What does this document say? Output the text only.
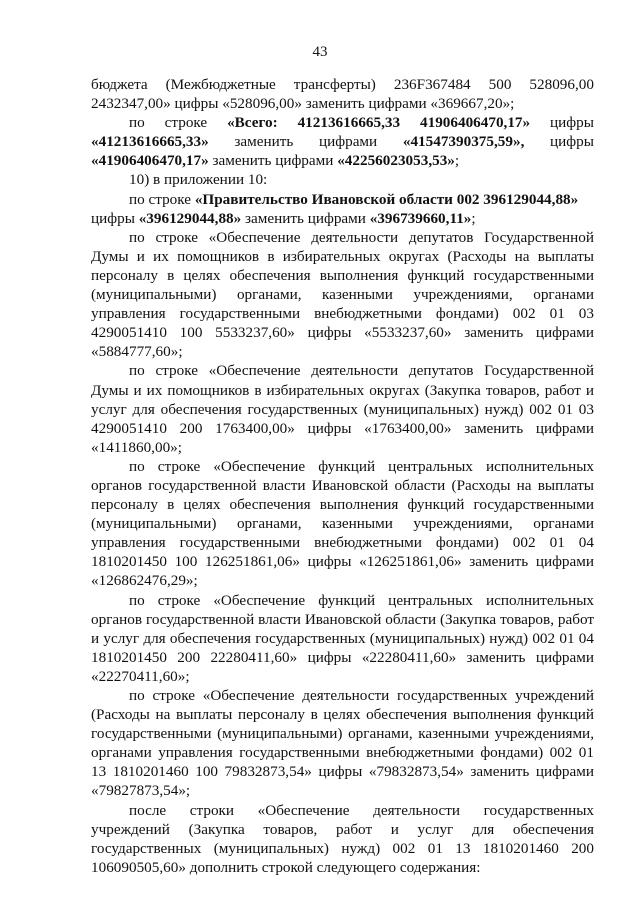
43
бюджета (Межбюджетные трансферты) 236F367484 500 528096,00
2432347,00» цифры «528096,00» заменить цифрами «369667,20»;
по строке «Всего: 41213616665,33 41906406470,17» цифры
«41213616665,33» заменить цифрами «41547390375,59», цифры
«41906406470,17» заменить цифрами «42256023053,53»;
10) в приложении 10:
по строке «Правительство Ивановской области 002 396129044,88»
цифры «396129044,88» заменить цифрами «396739660,11»;

по строке «Обеспечение деятельности депутатов Государственной Думы и их помощников в избирательных округах (Расходы на выплаты персоналу в целях обеспечения выполнения функций государственными (муниципальными) органами, казенными учреждениями, органами управления государственными внебюджетными фондами) 002 01 03 4290051410 100 5533237,60» цифры «5533237,60» заменить цифрами «5884777,60»;

по строке «Обеспечение деятельности депутатов Государственной Думы и их помощников в избирательных округах (Закупка товаров, работ и услуг для обеспечения государственных (муниципальных) нужд) 002 01 03 4290051410 200 1763400,00» цифры «1763400,00» заменить цифрами «1411860,00»;

по строке «Обеспечение функций центральных исполнительных органов государственной власти Ивановской области (Расходы на выплаты персоналу в целях обеспечения выполнения функций государственными (муниципальными) органами, казенными учреждениями, органами управления государственными внебюджетными фондами) 002 01 04 1810201450 100 126251861,06» цифры «126251861,06» заменить цифрами «126862476,29»;

по строке «Обеспечение функций центральных исполнительных органов государственной власти Ивановской области (Закупка товаров, работ и услуг для обеспечения государственных (муниципальных) нужд) 002 01 04 1810201450 200 22280411,60» цифры «22280411,60» заменить цифрами «22270411,60»;

по строке «Обеспечение деятельности государственных учреждений (Расходы на выплаты персоналу в целях обеспечения выполнения функций государственными (муниципальными) органами, казенными учреждениями, органами управления государственными внебюджетными фондами) 002 01 13 1810201460 100 79832873,54» цифры «79832873,54» заменить цифрами «79827873,54»;

после строки «Обеспечение деятельности государственных учреждений (Закупка товаров, работ и услуг для обеспечения государственных (муниципальных) нужд) 002 01 13 1810201460 200 106090505,60» дополнить строкой следующего содержания:
